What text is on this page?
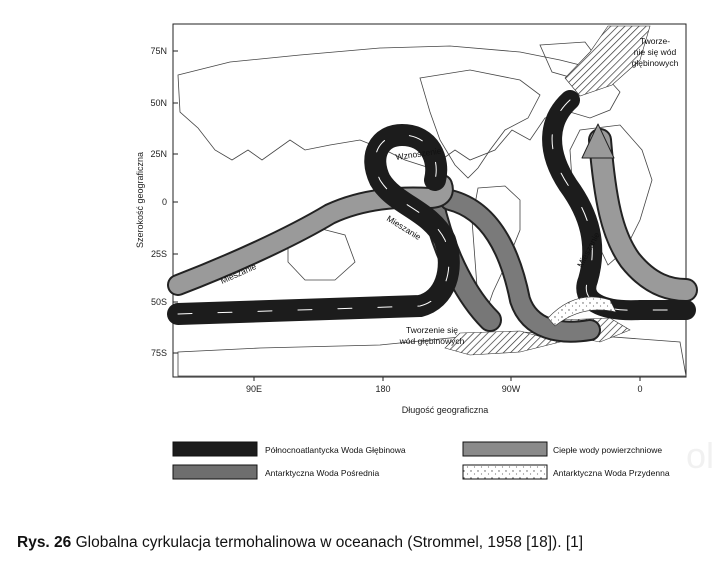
75N
50N
25N
0
25S
50S
75S
90E	180	90W	0
Szerokość geograficzna
Długość geograficzna
Tworze-
nie się wód
głębinowych
Wznoszenie
Mieszanie
Mieszanie
Mieszanie
Tworzenie się
wód głębinowych
Północnoatlantycka Woda Głębinowa	Ciepłe wody powierzchniowe
Antarktyczna Woda Pośrednia	Antarktyczna Woda Przydenna ol
Rys. 26 Globalna cyrkulacja termohalinowa w oceanach (Strommel, 1958 [18]). [1]
